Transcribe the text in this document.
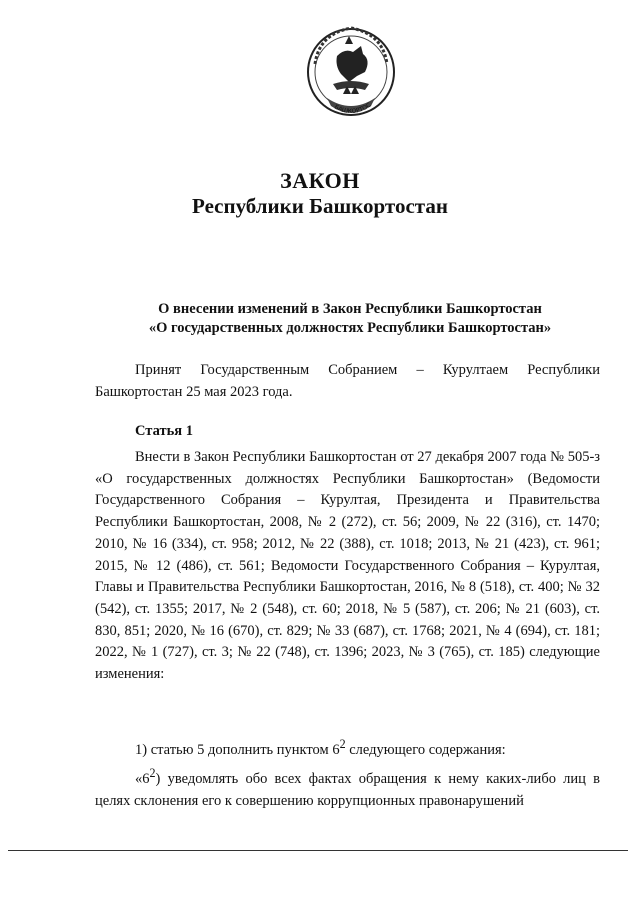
БАШКОРТОС
ЗАКОН
Республики Башкортостан
О внесении изменений в Закон Республики Башкортостан
«О государственных должностях Республики Башкортостан»
Принят Государственным Собранием – Курултаем Республики Башкортостан 25 мая 2023 года.
Статья 1
Внести в Закон Республики Башкортостан от 27 декабря 2007 года № 505-з «О государственных должностях Республики Башкортостан» (Ведомости Государственного Собрания – Курултая, Президента и Правительства Республики Башкортостан, 2008, № 2 (272), ст. 56; 2009, № 22 (316), ст. 1470; 2010, № 16 (334), ст. 958; 2012, № 22 (388), ст. 1018; 2013, № 21 (423), ст. 961; 2015, № 12 (486), ст. 561; Ведомости Государственного Собрания – Курултая, Главы и Правительства Республики Башкортостан, 2016, № 8 (518), ст. 400; № 32 (542), ст. 1355; 2017, № 2 (548), ст. 60; 2018, № 5 (587), ст. 206; № 21 (603), ст. 830, 851; 2020, № 16 (670), ст. 829; № 33 (687), ст. 1768; 2021, № 4 (694), ст. 181; 2022, № 1 (727), ст. 3; № 22 (748), ст. 1396; 2023, № 3 (765), ст. 185) следующие изменения:
1) статью 5 дополнить пунктом $6^2$ следующего содержания:
«$6^2$) уведомлять обо всех фактах обращения к нему каких-либо лиц в целях склонения его к совершению коррупционных правонарушений
